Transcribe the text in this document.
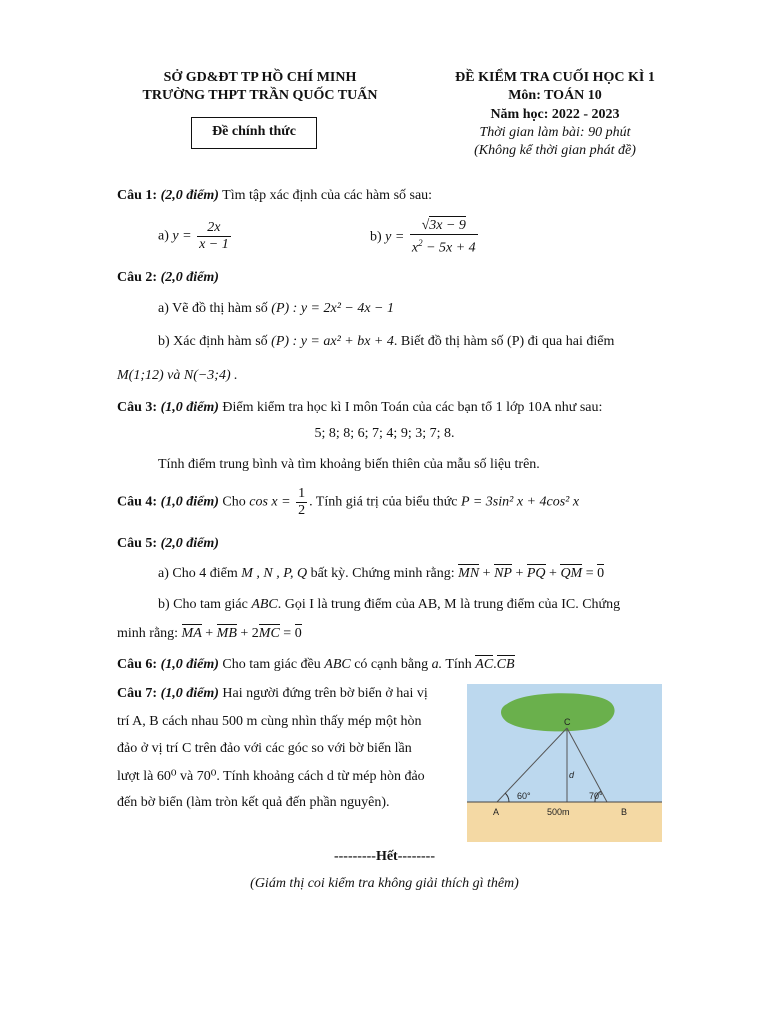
SỞ GD&ĐT TP HỒ CHÍ MINH
TRƯỜNG THPT TRẦN QUỐC TUẤN
Đề chính thức
ĐỀ KIỂM TRA CUỐI HỌC KÌ 1
Môn: TOÁN 10
Năm học: 2022 - 2023
Thời gian làm bài: 90 phút
(Không kể thời gian phát đề)
Câu 1: (2,0 điểm) Tìm tập xác định của các hàm số sau:
a) $y = \frac{2x}{x - 1}$	b) $y = \frac{√3x - 9}{x^2 - 5x + 4}$
Câu 2: (2,0 điểm)
a) Vẽ đồ thị hàm số (P) : y = 2x² − 4x − 1
b) Xác định hàm số (P) : y = ax² + bx + 4. Biết đồ thị hàm số (P) đi qua hai điểm
M(1;12) và N(−3;4) .
Câu 3: (1,0 điểm) Điểm kiểm tra học kì I môn Toán của các bạn tổ 1 lớp 10A như sau:
5; 8; 8; 6; 7; 4; 9; 3; 7; 8.
Tính điểm trung bình và tìm khoảng biến thiên của mẫu số liệu trên.
Câu 4: (1,0 điểm) Cho $\cos x = \frac{1}{2}$ . Tính giá trị của biểu thức P = 3sin² x + 4cos² x
Câu 5: (2,0 điểm)
a) Cho 4 điểm M , N , P, Q bất kỳ. Chứng minh rằng: MN + NP + PQ + QM = 0
b) Cho tam giác ABC. Gọi I là trung điểm của AB, M là trung điểm của IC. Chứng
minh rằng: MA + MB + 2MC = 0
Câu 6: (1,0 điểm) Cho tam giác đều ABC có cạnh bằng a. Tính AC.CB
Câu 7: (1,0 điểm) Hai người đứng trên bờ biển ở hai vị
trí A, B cách nhau 500 m cùng nhìn thấy mép một hòn
đảo ở vị trí C trên đảo với các góc so với bờ biển lần
lượt là 60⁰ và 70⁰. Tính khoảng cách d từ mép hòn đảo
đến bờ biển (làm tròn kết quả đến phần nguyên).
C
d
60°	70°
A	B
500m
---------Hết--------
(Giám thị coi kiểm tra không giải thích gì thêm)
